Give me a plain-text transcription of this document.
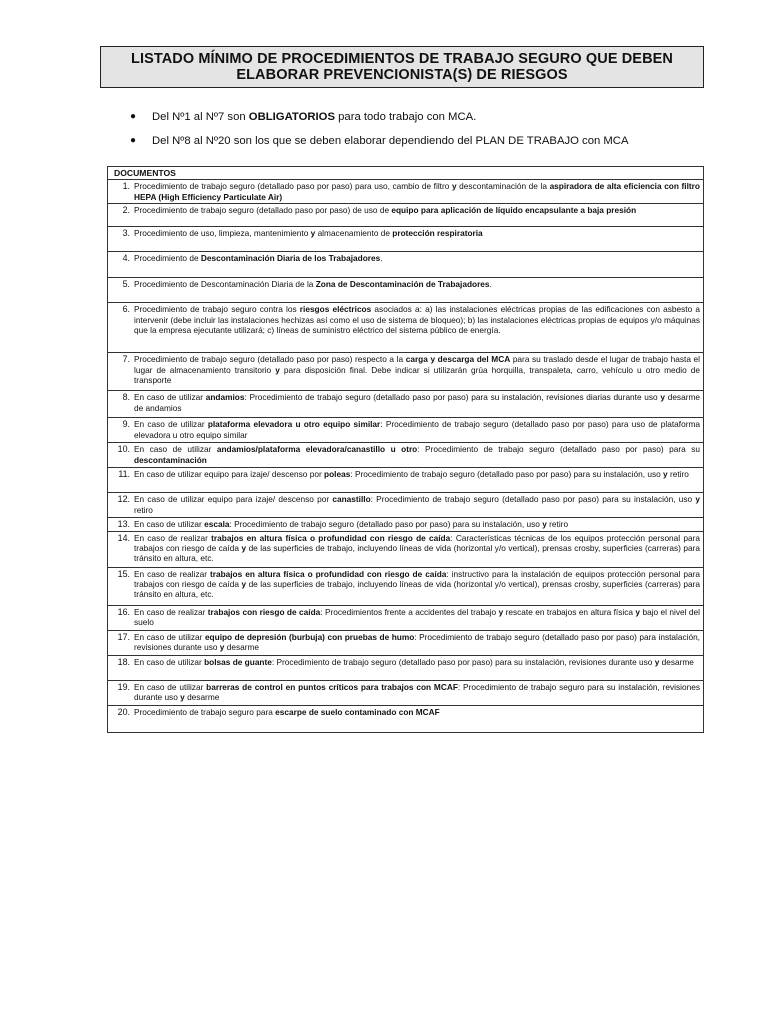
LISTADO MÍNIMO DE PROCEDIMIENTOS DE TRABAJO SEGURO QUE DEBEN
ELABORAR PREVENCIONISTA(S) DE RIESGOS
● Del Nº1 al Nº7 son OBLIGATORIOS para todo trabajo con MCA.
● Del Nº8 al Nº20 son los que se deben elaborar dependiendo del PLAN DE TRABAJO con MCA
DOCUMENTOS

1. Procedimiento de trabajo seguro (detallado paso por paso) para uso, cambio de filtro y descontaminación de la aspiradora de alta eficiencia con filtro HEPA (High Efficiency Particulate Air)

2. Procedimiento de trabajo seguro (detallado paso por paso) de uso de equipo para aplicación de líquido encapsulante a baja presión

3. Procedimiento de uso, limpieza, mantenimiento y almacenamiento de protección respiratoria

4. Procedimiento de Descontaminación Diaria de los Trabajadores.

5. Procedimiento de Descontaminación Diaria de la Zona de Descontaminación de Trabajadores.

6. Procedimiento de trabajo seguro contra los riesgos eléctricos asociados a: a) las instalaciones eléctricas propias de las edificaciones con asbesto a intervenir (debe incluir las instalaciones hechizas así como el uso de sistema de bloqueo); b) las instalaciones eléctricas propias de equipos y/o máquinas que la empresa ejecutante utilizará; c) líneas de suministro eléctrico del sistema público de energía.

7. Procedimiento de trabajo seguro (detallado paso por paso) respecto a la carga y descarga del MCA para su traslado desde el lugar de trabajo hasta el lugar de almacenamiento transitorio y para disposición final. Debe indicar si utilizarán grúa horquilla, transpaleta, carro, vehículo u otro medio de transporte

8. En caso de utilizar andamios: Procedimiento de trabajo seguro (detallado paso por paso) para su instalación, revisiones diarias durante uso y desarme de andamios

9. En caso de utilizar plataforma elevadora u otro equipo similar: Procedimiento de trabajo seguro (detallado paso por paso) para uso de plataforma elevadora u otro equipo similar

10. En caso de utilizar andamios/plataforma elevadora/canastillo u otro: Procedimiento de trabajo seguro (detallado paso por paso) para su descontaminación

11. En caso de utilizar equipo para izaje/ descenso por poleas: Procedimiento de trabajo seguro (detallado paso por paso) para su instalación, uso y retiro

12. En caso de utilizar equipo para izaje/ descenso por canastillo: Procedimiento de trabajo seguro (detallado paso por paso) para su instalación, uso y retiro

13. En caso de utilizar escala: Procedimiento de trabajo seguro (detallado paso por paso) para su instalación, uso y retiro

14. En caso de realizar trabajos en altura física o profundidad con riesgo de caída: Características técnicas de los equipos protección personal para trabajos con riesgo de caída y de las superficies de trabajo, incluyendo líneas de vida (horizontal y/o vertical), prensas crosby, superficies (carreras) para tránsito en altura, etc.

15. En caso de realizar trabajos en altura física o profundidad con riesgo de caída: instructivo para la instalación de equipos protección personal para trabajos con riesgo de caída y de las superficies de trabajo, incluyendo líneas de vida (horizontal y/o vertical), prensas crosby, superficies (carreras) para tránsito en altura, etc.

16. En caso de realizar trabajos con riesgo de caída: Procedimientos frente a accidentes del trabajo y rescate en trabajos en altura física y bajo el nivel del suelo

17. En caso de utilizar equipo de depresión (burbuja) con pruebas de humo: Procedimiento de trabajo seguro (detallado paso por paso) para instalación, revisiones durante uso y desarme

18. En caso de utilizar bolsas de guante: Procedimiento de trabajo seguro (detallado paso por paso) para su instalación, revisiones durante uso y desarme

19. En caso de utilizar barreras de control en puntos críticos para trabajos con MCAF: Procedimiento de trabajo seguro para su instalación, revisiones durante uso y desarme

20. Procedimiento de trabajo seguro para escarpe de suelo contaminado con MCAF
